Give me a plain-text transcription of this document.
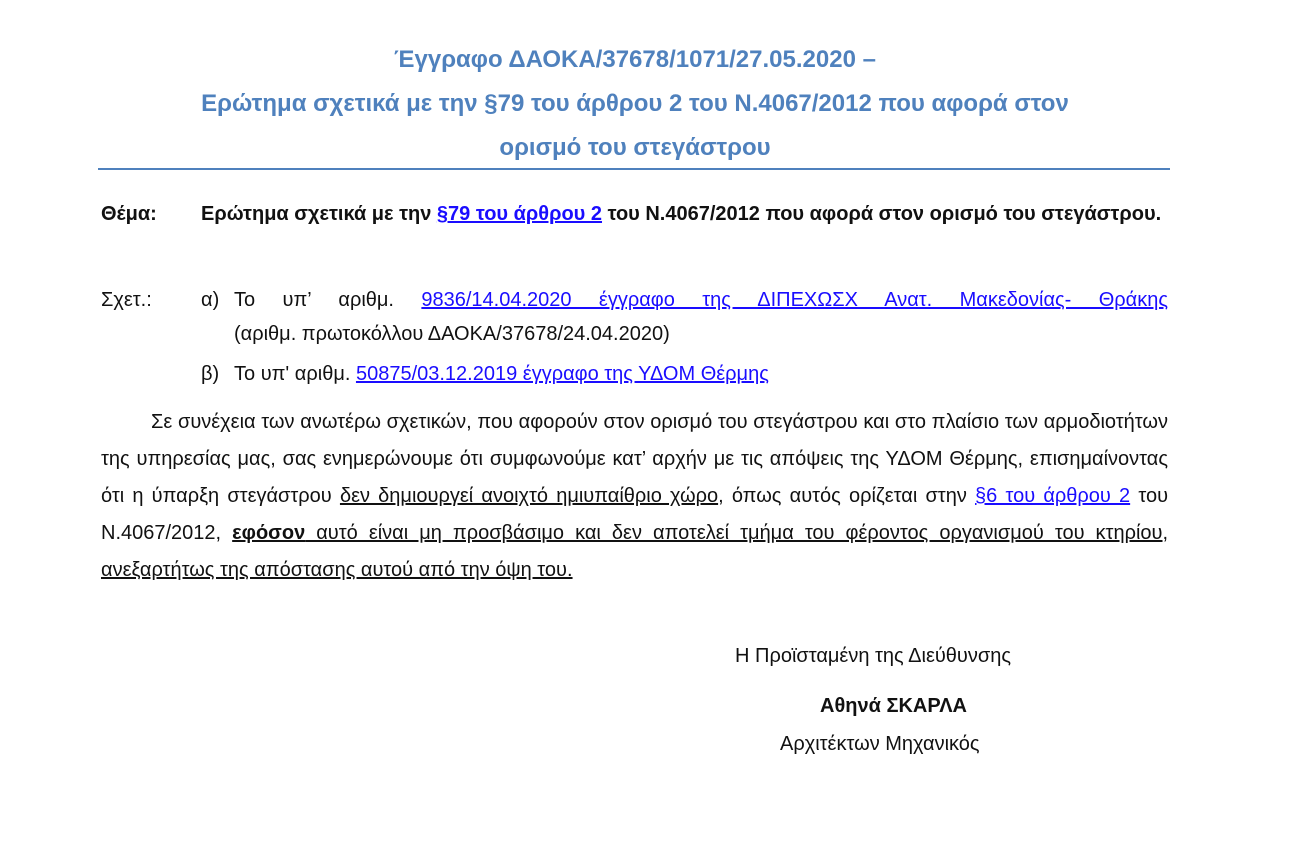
Έγγραφο ΔΑΟΚΑ/37678/1071/27.05.2020 –
Ερώτημα σχετικά με την §79 του άρθρου 2 του Ν.4067/2012 που αφορά στον
ορισμό του στεγάστρου
Θέμα: Ερώτημα σχετικά με την §79 του άρθρου 2 του Ν.4067/2012 που αφορά στον ορισμό του στεγάστρου.
Σχετ.: α) Το υπ’ αριθμ. 9836/14.04.2020 έγγραφο της ΔΙΠΕΧΩΣΧ Ανατ. Μακεδονίας- Θράκης
(αριθμ. πρωτοκόλλου ΔΑΟΚΑ/37678/24.04.2020)
β) Το υπ' αριθμ. 50875/03.12.2019 έγγραφο της ΥΔΟΜ Θέρμης
Σε συνέχεια των ανωτέρω σχετικών, που αφορούν στον ορισμό του στεγάστρου και στο πλαίσιο των αρμοδιοτήτων της υπηρεσίας μας, σας ενημερώνουμε ότι συμφωνούμε κατ’ αρχήν με τις απόψεις της ΥΔΟΜ Θέρμης, επισημαίνοντας ότι η ύπαρξη στεγάστρου δεν δημιουργεί ανοιχτό ημιυπαίθριο χώρο, όπως αυτός ορίζεται στην §6 του άρθρου 2 του Ν.4067/2012, εφόσον αυτό είναι μη προσβάσιμο και δεν αποτελεί τμήμα του φέροντος οργανισμού του κτηρίου, ανεξαρτήτως της απόστασης αυτού από την όψη του.
Η Προϊσταμένη της Διεύθυνσης
Αθηνά ΣΚΑΡΛΑ
Αρχιτέκτων Μηχανικός
